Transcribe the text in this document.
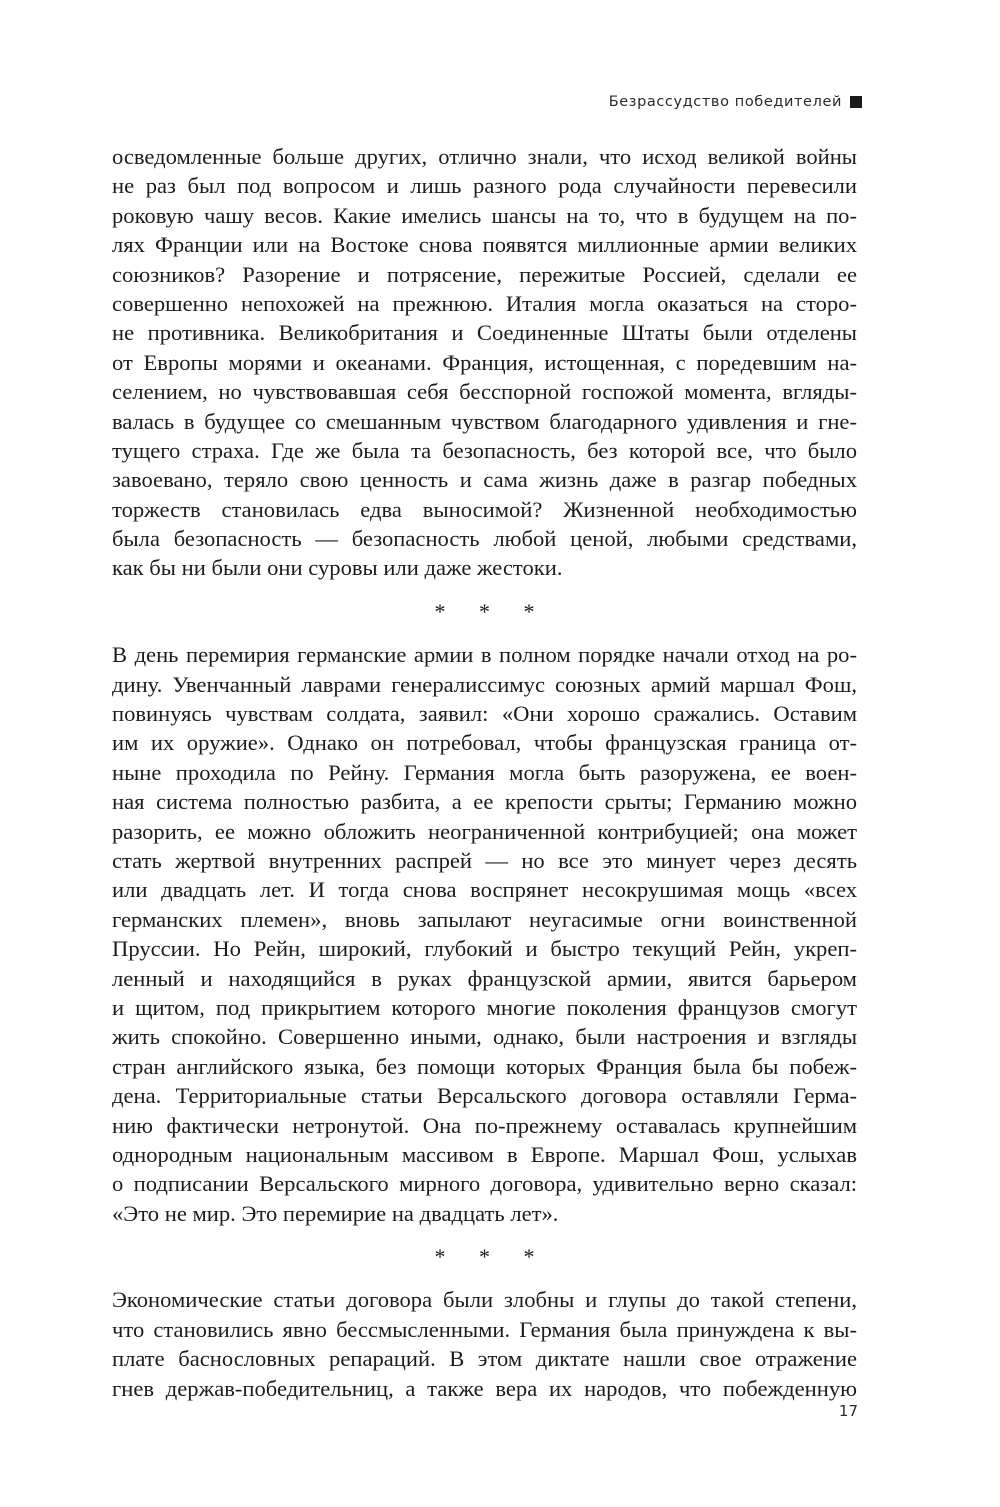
Безрассудство победителей
осведомленные больше других, отлично знали, что исход великой войны
не раз был под вопросом и лишь разного рода случайности перевесили
роковую чашу весов. Какие имелись шансы на то, что в будущем на по-
лях Франции или на Востоке снова появятся миллионные армии великих
союзников? Разорение и потрясение, пережитые Россией, сделали ее
совершенно непохожей на прежнюю. Италия могла оказаться на сторо-
не противника. Великобритания и Соединенные Штаты были отделены
от Европы морями и океанами. Франция, истощенная, с поредевшим на-
селением, но чувствовавшая себя бесспорной госпожой момента, вгляды-
валась в будущее со смешанным чувством благодарного удивления и гне-
тущего страха. Где же была та безопасность, без которой все, что было
завоевано, теряло свою ценность и сама жизнь даже в разгар победных
торжеств становилась едва выносимой? Жизненной необходимостью
была безопасность — безопасность любой ценой, любыми средствами,
как бы ни были они суровы или даже жестоки.
* * *
В день перемирия германские армии в полном порядке начали отход на ро-
дину. Увенчанный лаврами генералиссимус союзных армий маршал Фош,
повинуясь чувствам солдата, заявил: «Они хорошо сражались. Оставим
им их оружие». Однако он потребовал, чтобы французская граница от-
ныне проходила по Рейну. Германия могла быть разоружена, ее воен-
ная система полностью разбита, а ее крепости срыты; Германию можно
разорить, ее можно обложить неограниченной контрибуцией; она может
стать жертвой внутренних распрей — но все это минует через десять
или двадцать лет. И тогда снова воспрянет несокрушимая мощь «всех
германских племен», вновь запылают неугасимые огни воинственной
Пруссии. Но Рейн, широкий, глубокий и быстро текущий Рейн, укреп-
ленный и находящийся в руках французской армии, явится барьером
и щитом, под прикрытием которого многие поколения французов смогут
жить спокойно. Совершенно иными, однако, были настроения и взгляды
стран английского языка, без помощи которых Франция была бы побеж-
дена. Территориальные статьи Версальского договора оставляли Герма-
нию фактически нетронутой. Она по-прежнему оставалась крупнейшим
однородным национальным массивом в Европе. Маршал Фош, услыхав
о подписании Версальского мирного договора, удивительно верно сказал:
«Это не мир. Это перемирие на двадцать лет».
* * *
Экономические статьи договора были злобны и глупы до такой степени,
что становились явно бессмысленными. Германия была принуждена к вы-
плате баснословных репараций. В этом диктате нашли свое отражение
гнев держав-победительниц, а также вера их народов, что побежденную
17
